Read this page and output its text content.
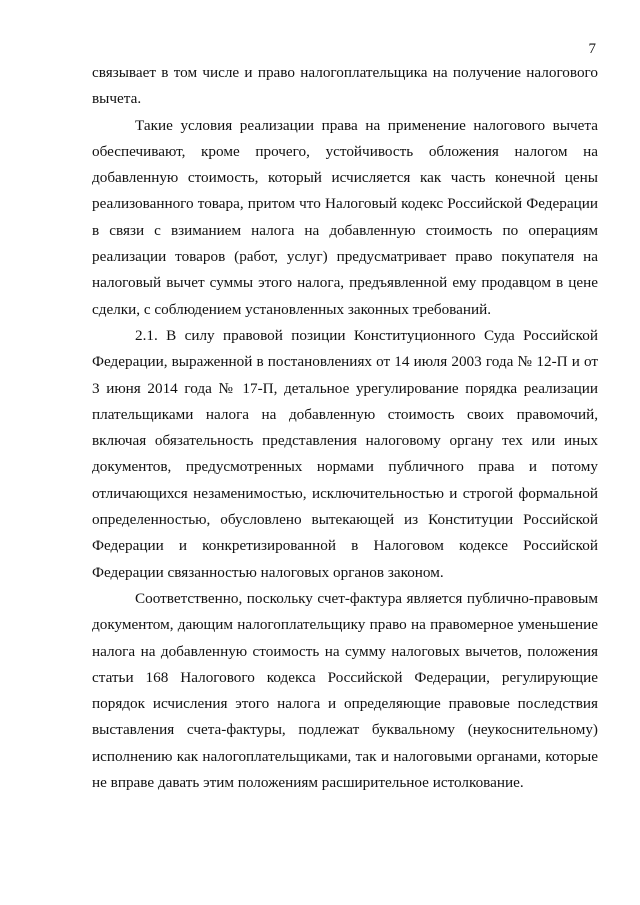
7

связывает в том числе и право налогоплательщика на получение налогового вычета.

Такие условия реализации права на применение налогового вычета обеспечивают, кроме прочего, устойчивость обложения налогом на добавленную стоимость, который исчисляется как часть конечной цены реализованного товара, притом что Налоговый кодекс Российской Федерации в связи с взиманием налога на добавленную стоимость по операциям реализации товаров (работ, услуг) предусматривает право покупателя на налоговый вычет суммы этого налога, предъявленной ему продавцом в цене сделки, с соблюдением установленных законных требований.

2.1. В силу правовой позиции Конституционного Суда Российской Федерации, выраженной в постановлениях от 14 июля 2003 года № 12-П и от 3 июня 2014 года № 17-П, детальное урегулирование порядка реализации плательщиками налога на добавленную стоимость своих правомочий, включая обязательность представления налоговому органу тех или иных документов, предусмотренных нормами публичного права и потому отличающихся незаменимостью, исключительностью и строгой формальной определенностью, обусловлено вытекающей из Конституции Российской Федерации и конкретизированной в Налоговом кодексе Российской Федерации связанностью налоговых органов законом.

Соответственно, поскольку счет-фактура является публично-правовым документом, дающим налогоплательщику право на правомерное уменьшение налога на добавленную стоимость на сумму налоговых вычетов, положения статьи 168 Налогового кодекса Российской Федерации, регулирующие порядок исчисления этого налога и определяющие правовые последствия выставления счета-фактуры, подлежат буквальному (неукоснительному) исполнению как налогоплательщиками, так и налоговыми органами, которые не вправе давать этим положениям расширительное истолкование.
